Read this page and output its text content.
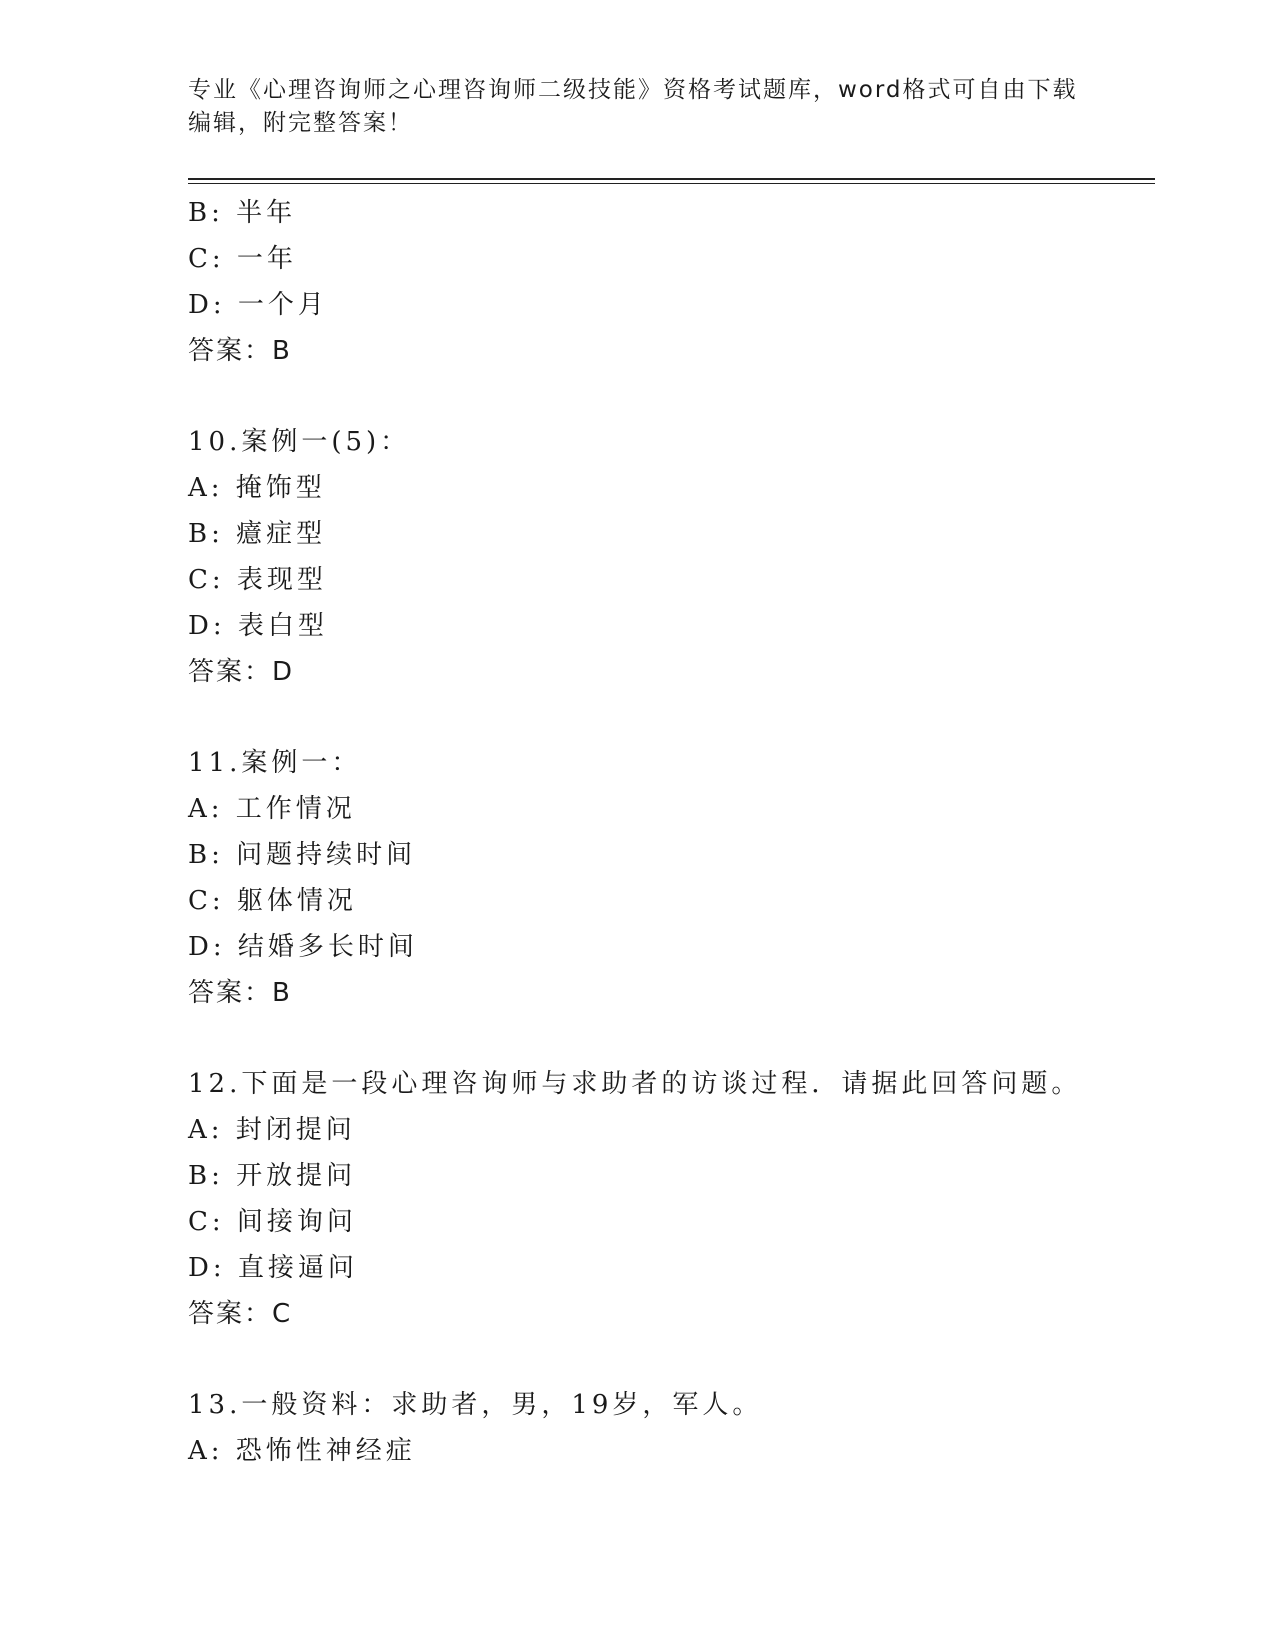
专业《心理咨询师之心理咨询师二级技能》资格考试题库，word格式可自由下载
编辑，附完整答案！
B: 半年
C: 一年
D: 一个月
答案：B
10.案例一(5)：
A: 掩饰型
B: 癔症型
C: 表现型
D: 表白型
答案：D
11.案例一：
A: 工作情况
B: 问题持续时间
C: 躯体情况
D: 结婚多长时间
答案：B
12.下面是一段心理咨询师与求助者的访谈过程．请据此回答问题。
A: 封闭提问
B: 开放提问
C: 间接询问
D: 直接逼问
答案：C
13.一般资料：求助者，男，19岁，军人。
A: 恐怖性神经症
